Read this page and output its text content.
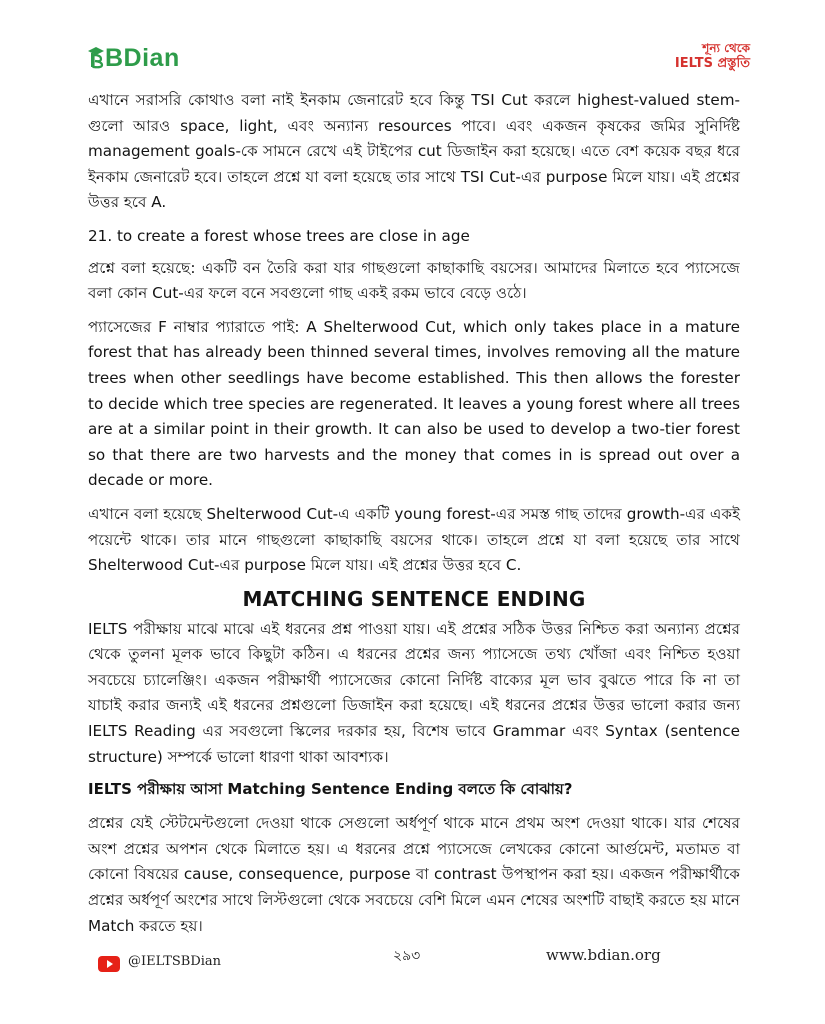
BDian	শূন্য থেকে
IELTS প্রস্তুতি

এখানে সরাসরি কোথাও বলা নাই ইনকাম জেনারেট হবে কিন্তু TSI Cut করলে highest-valued stem-গুলো আরও space, light, এবং অন্যান্য resources পাবে। এবং একজন কৃষকের জমির সুনির্দিষ্ট management goals-কে সামনে রেখে এই টাইপের cut ডিজাইন করা হয়েছে। এতে বেশ কয়েক বছর ধরে ইনকাম জেনারেট হবে। তাহলে প্রশ্নে যা বলা হয়েছে তার সাথে TSI Cut-এর purpose মিলে যায়। এই প্রশ্নের উত্তর হবে A.

21. to create a forest whose trees are close in age

প্রশ্নে বলা হয়েছে: একটি বন তৈরি করা যার গাছগুলো কাছাকাছি বয়সের। আমাদের মিলাতে হবে প্যাসেজে বলা কোন Cut-এর ফলে বনে সবগুলো গাছ একই রকম ভাবে বেড়ে ওঠে।

প্যাসেজের F নাম্বার প্যারাতে পাই: A Shelterwood Cut, which only takes place in a mature forest that has already been thinned several times, involves removing all the mature trees when other seedlings have become established. This then allows the forester to decide which tree species are regenerated. It leaves a young forest where all trees are at a similar point in their growth. It can also be used to develop a two-tier forest so that there are two harvests and the money that comes in is spread out over a decade or more.

এখানে বলা হয়েছে Shelterwood Cut-এ একটি young forest-এর সমস্ত গাছ তাদের growth-এর একই পয়েন্টে থাকে। তার মানে গাছগুলো কাছাকাছি বয়সের থাকে। তাহলে প্রশ্নে যা বলা হয়েছে তার সাথে Shelterwood Cut-এর purpose মিলে যায়। এই প্রশ্নের উত্তর হবে C.

MATCHING SENTENCE ENDING

IELTS পরীক্ষায় মাঝে মাঝে এই ধরনের প্রশ্ন পাওয়া যায়। এই প্রশ্নের সঠিক উত্তর নিশ্চিত করা অন্যান্য প্রশ্নের থেকে তুলনা মূলক ভাবে কিছুটা কঠিন। এ ধরনের প্রশ্নের জন্য প্যাসেজে তথ্য খোঁজা এবং নিশ্চিত হওয়া সবচেয়ে চ্যালেঞ্জিং। একজন পরীক্ষার্থী প্যাসেজের কোনো নির্দিষ্ট বাক্যের মূল ভাব বুঝতে পারে কি না তা যাচাই করার জন্যই এই ধরনের প্রশ্নগুলো ডিজাইন করা হয়েছে। এই ধরনের প্রশ্নের উত্তর ভালো করার জন্য IELTS Reading এর সবগুলো স্কিলের দরকার হয়, বিশেষ ভাবে Grammar এবং Syntax (sentence structure) সম্পর্কে ভালো ধারণা থাকা আবশ্যক।

IELTS পরীক্ষায় আসা Matching Sentence Ending বলতে কি বোঝায়?

প্রশ্নের যেই স্টেটমেন্টগুলো দেওয়া থাকে সেগুলো অর্ধপূর্ণ থাকে মানে প্রথম অংশ দেওয়া থাকে। যার শেষের অংশ প্রশ্নের অপশন থেকে মিলাতে হয়। এ ধরনের প্রশ্নে প্যাসেজে লেখকের কোনো আর্গুমেন্ট, মতামত বা কোনো বিষয়ের cause, consequence, purpose বা contrast উপস্থাপন করা হয়। একজন পরীক্ষার্থীকে প্রশ্নের অর্ধপূর্ণ অংশের সাথে লিস্টগুলো থেকে সবচেয়ে বেশি মিলে এমন শেষের অংশটি বাছাই করতে হয় মানে Match করতে হয়।

@IELTSBDian	২৯৩	www.bdian.org
